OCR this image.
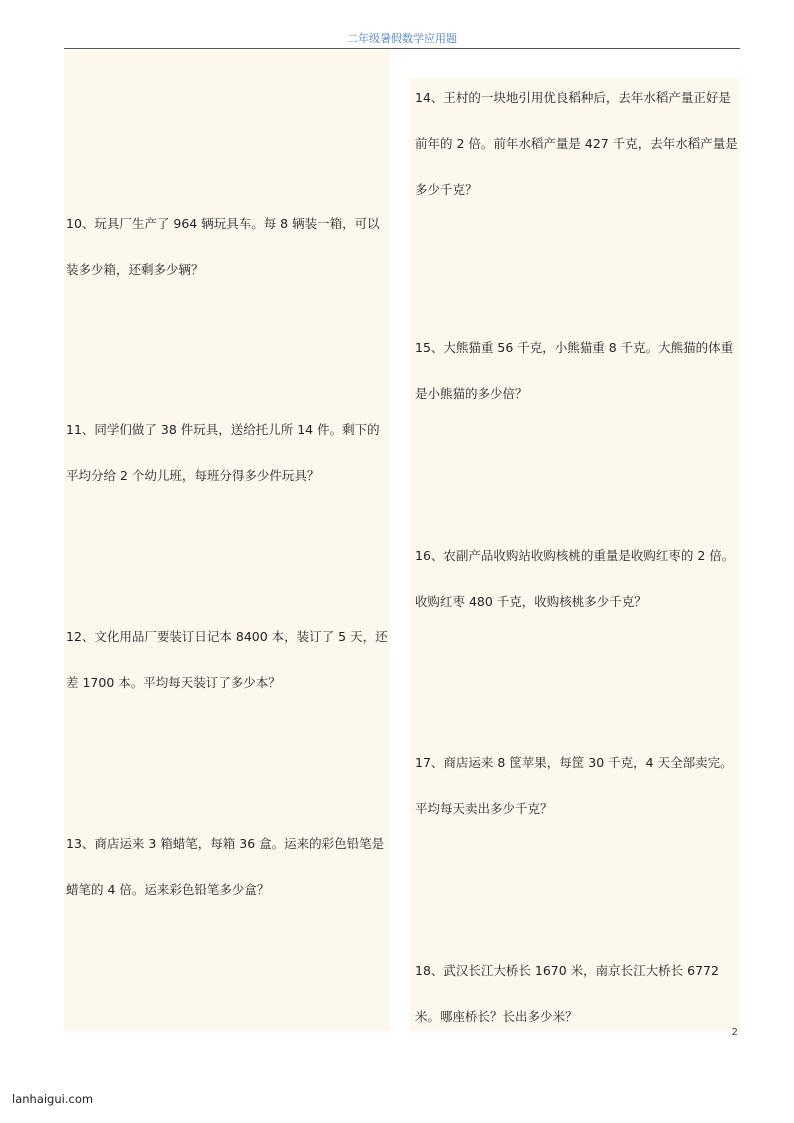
二年级暑假数学应用题

10、玩具厂生产了 964 辆玩具车。每 8 辆装一箱，可以装多少箱，还剩多少辆？

11、同学们做了 38 件玩具，送给托儿所 14 件。剩下的平均分给 2 个幼儿班，每班分得多少件玩具？

12、文化用品厂要装订日记本 8400 本，装订了 5 天，还差 1700 本。平均每天装订了多少本？

13、商店运来 3 箱蜡笔，每箱 36 盒。运来的彩色铅笔是蜡笔的 4 倍。运来彩色铅笔多少盒？

14、王村的一块地引用优良稻种后，去年水稻产量正好是前年的 2 倍。前年水稻产量是 427 千克，去年水稻产量是多少千克？

15、大熊猫重 56 千克，小熊猫重 8 千克。大熊猫的体重是小熊猫的多少倍？

16、农副产品收购站收购核桃的重量是收购红枣的 2 倍。收购红枣 480 千克，收购核桃多少千克？

17、商店运来 8 筐苹果，每筐 30 千克，4 天全部卖完。平均每天卖出多少千克？

18、武汉长江大桥长 1670 米，南京长江大桥长 6772 米。哪座桥长？长出多少米？

2
lanhaigui.com
